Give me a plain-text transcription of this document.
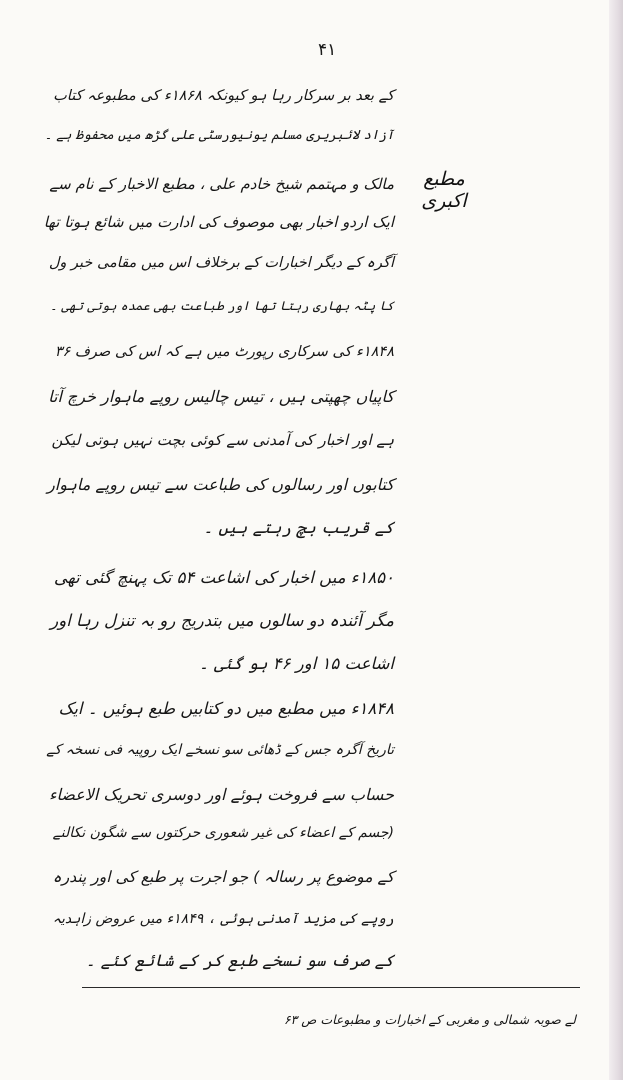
۴۱
مطبع اکبری
کے بعد بر سرکار رہا ہو کیونکہ ۱۸۶۸ء کی مطبوعہ کتاب
آزاد لائبریری مسلم یونیورسٹی علی گڑھ میں محفوظ ہے ۔
مالک و مہتمم شیخ خادم علی ، مطبع الاخبار کے نام سے
ایک اردو اخبار بھی موصوف کی ادارت میں شائع ہوتا تھا
آگرہ کے دیگر اخبارات کے برخلاف اس میں مقامی خبر ول
کا پٹہ بھاری رہتا تھا اور طباعت بھی عمدہ ہوتی تھی ۔
۱۸۴۸ء کی سرکاری رپورٹ میں ہے کہ اس کی صرف ۳۶
کاپیاں چھپتی ہیں ، تیس چالیس روپے ماہوار خرچ آتا
ہے اور اخبار کی آمدنی سے کوئی بچت نہیں ہوتی لیکن
کتابوں اور رسالوں کی طباعت سے تیس روپے ماہوار
کے قریب بچ رہتے ہیں ۔
۱۸۵۰ء میں اخبار کی اشاعت ۵۴ تک پہنچ گئی تھی
مگر آئندہ دو سالوں میں بتدریج رو بہ تنزل رہا اور
اشاعت ۱۵ اور ۴۶ ہو گئی ۔
۱۸۴۸ء میں مطبع میں دو کتابیں طبع ہوئیں ۔ ایک
تاریخ آگرہ جس کے ڈھائی سو نسخے ایک روپیہ فی نسخہ کے
حساب سے فروخت ہوئے اور دوسری تحریک الاعضاء
(جسم کے اعضاء کی غیر شعوری حرکتوں سے شگون نکالنے
کے موضوع پر رسالہ ) جو اجرت پر طبع کی اور پندرہ
روپے کی مزید آمدنی ہوئی ، ۱۸۴۹ء میں عروض زاہدیہ
کے صرف سو نسخے طبع کر کے شائع کئے ۔
لے صوبہ شمالی و مغربی کے اخبارات و مطبوعات ص ۶۳
